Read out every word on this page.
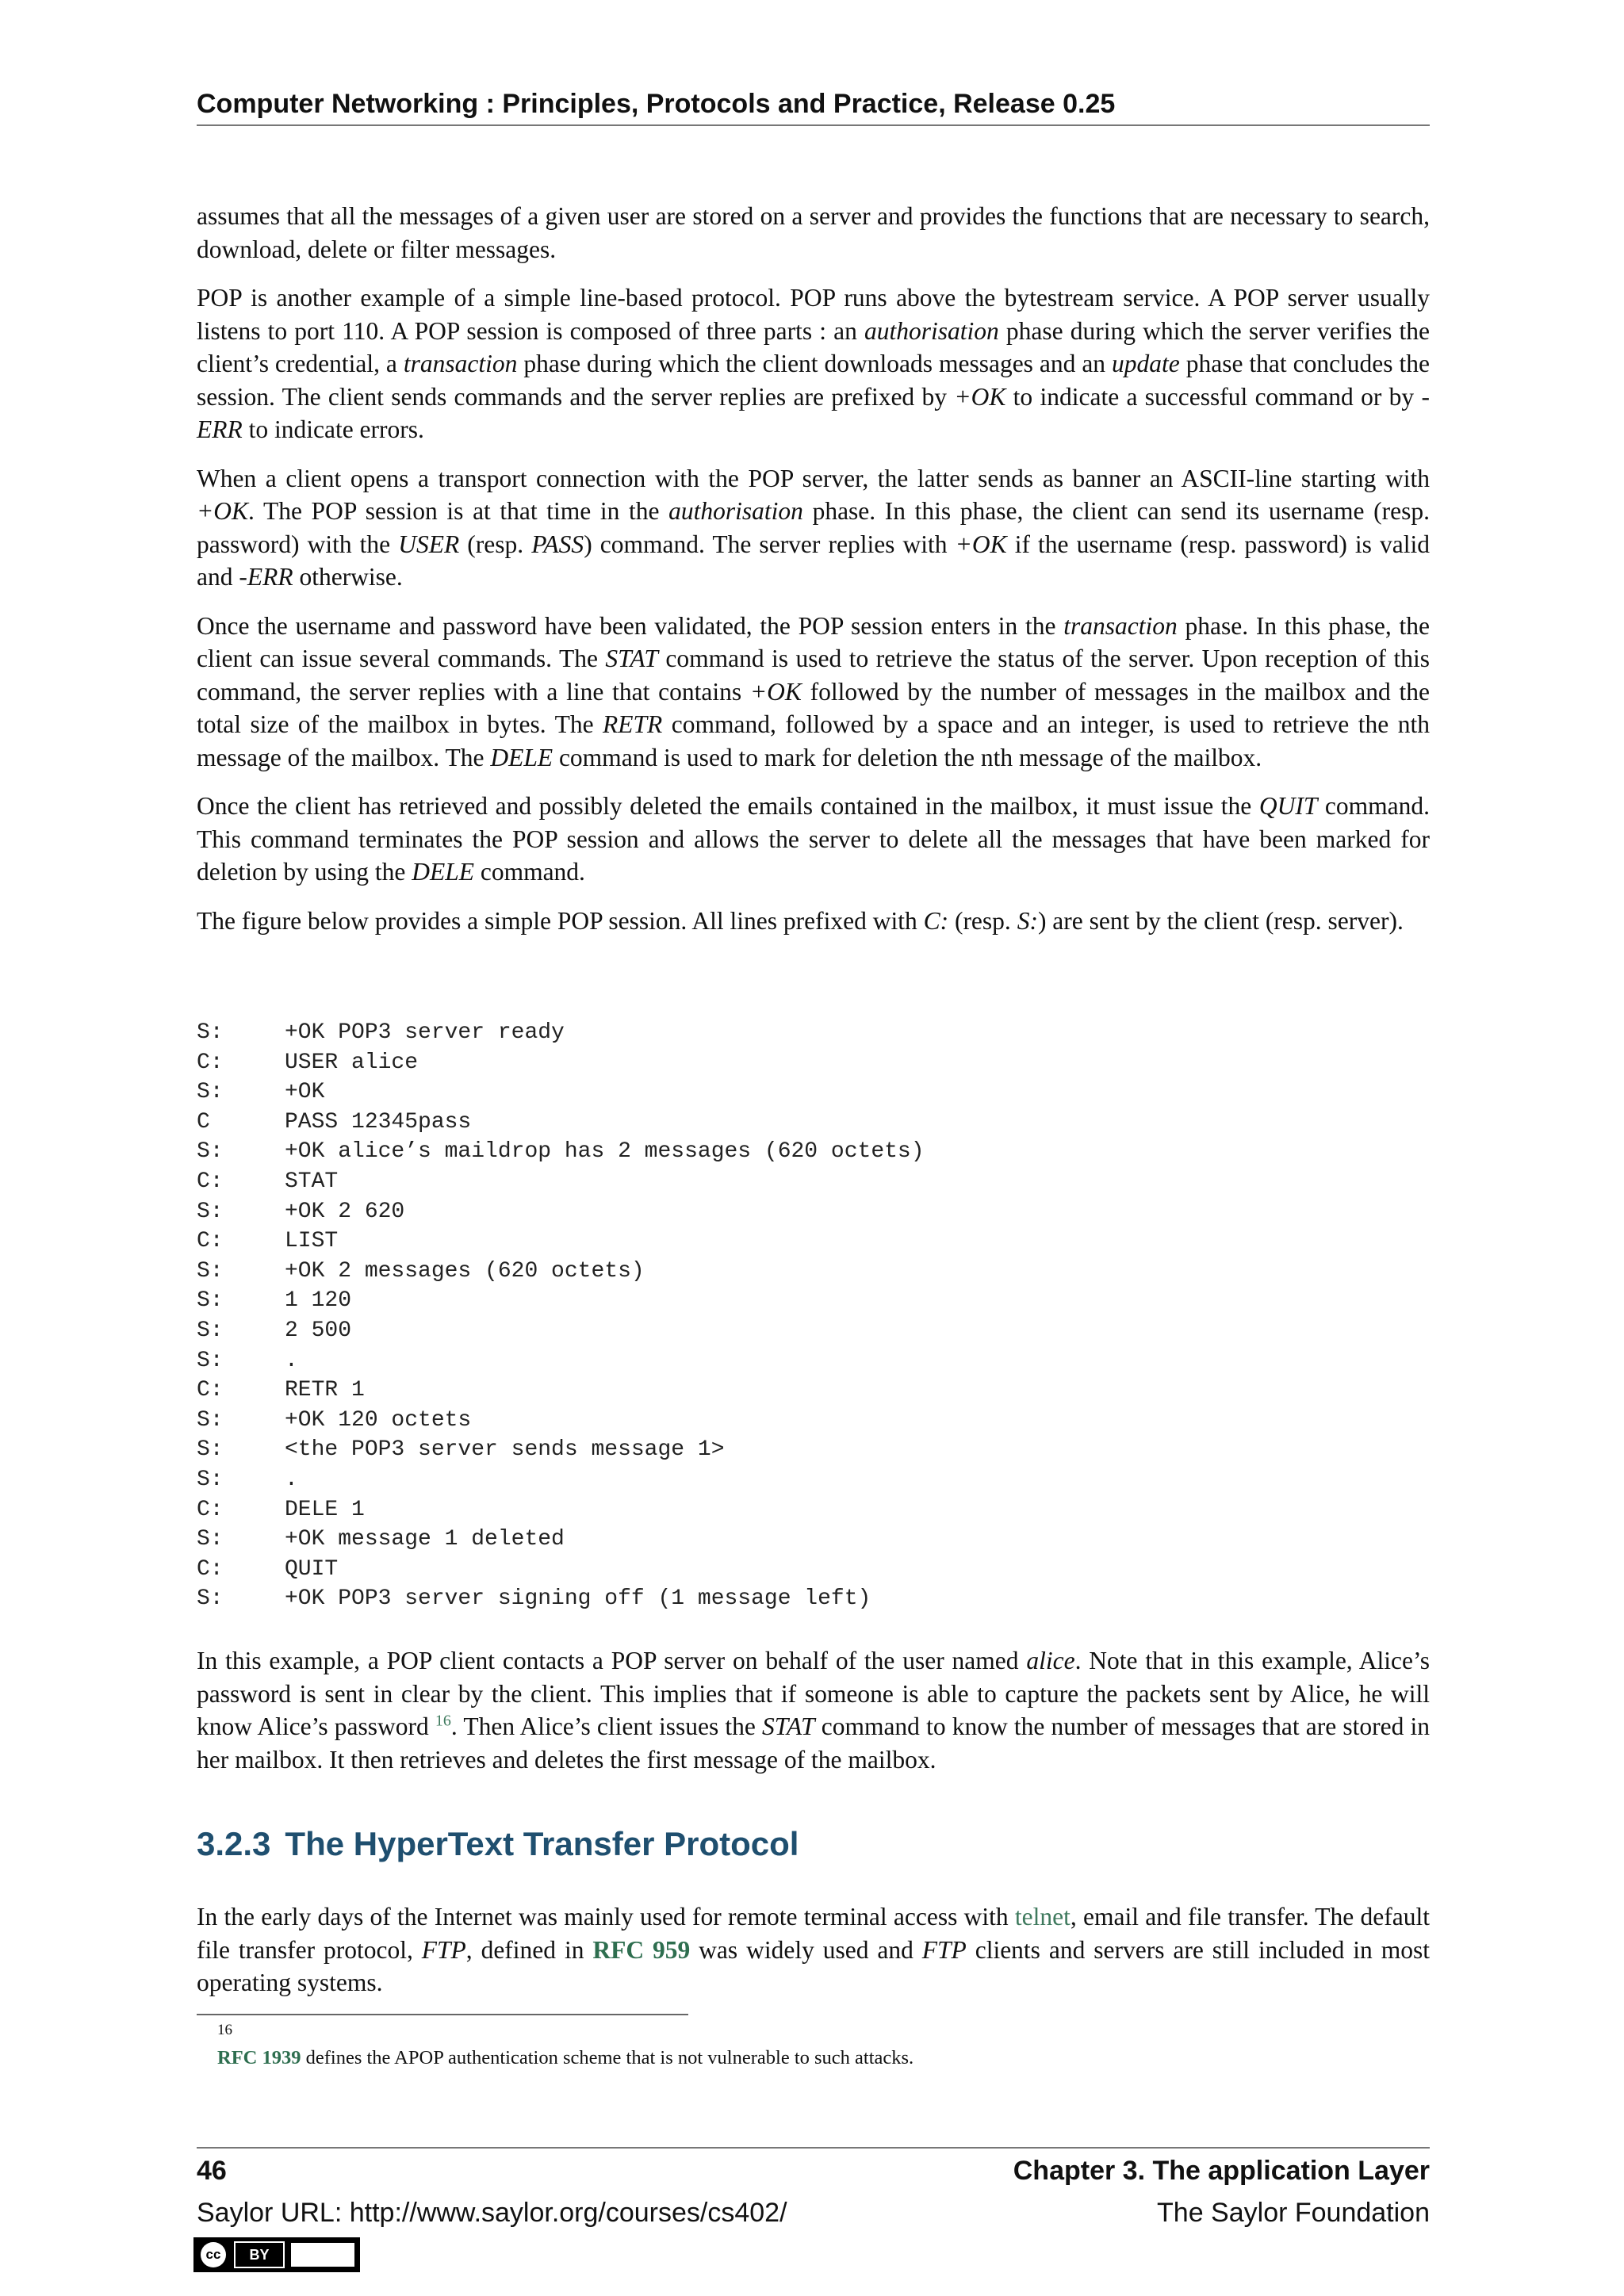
Computer Networking : Principles, Protocols and Practice, Release 0.25

assumes that all the messages of a given user are stored on a server and provides the functions that are necessary to search, download, delete or filter messages.

POP is another example of a simple line-based protocol. POP runs above the bytestream service. A POP server usually listens to port 110. A POP session is composed of three parts : an authorisation phase during which the server verifies the client’s credential, a transaction phase during which the client downloads messages and an update phase that concludes the session. The client sends commands and the server replies are prefixed by +OK to indicate a successful command or by -ERR to indicate errors.

When a client opens a transport connection with the POP server, the latter sends as banner an ASCII-line starting with +OK. The POP session is at that time in the authorisation phase. In this phase, the client can send its username (resp. password) with the USER (resp. PASS) command. The server replies with +OK if the username (resp. password) is valid and -ERR otherwise.

Once the username and password have been validated, the POP session enters in the transaction phase. In this phase, the client can issue several commands. The STAT command is used to retrieve the status of the server. Upon reception of this command, the server replies with a line that contains +OK followed by the number of messages in the mailbox and the total size of the mailbox in bytes. The RETR command, followed by a space and an integer, is used to retrieve the nth message of the mailbox. The DELE command is used to mark for deletion the nth message of the mailbox.

Once the client has retrieved and possibly deleted the emails contained in the mailbox, it must issue the QUIT command. This command terminates the POP session and allows the server to delete all the messages that have been marked for deletion by using the DELE command.

The figure below provides a simple POP session. All lines prefixed with C: (resp. S:) are sent by the client (resp. server).

S:	+OK POP3 server ready
C:	USER alice
S:	+OK
C	PASS 12345pass
S:	+OK alice’s maildrop has 2 messages (620 octets)
C:	STAT
S:	+OK 2 620
C:	LIST
S:	+OK 2 messages (620 octets)
S:	1 120
S:	2 500
S:	.
C:	RETR 1
S:	+OK 120 octets
S:	<the POP3 server sends message 1>
S:	.
C:	DELE 1
S:	+OK message 1 deleted
C:	QUIT
S:	+OK POP3 server signing off (1 message left)

In this example, a POP client contacts a POP server on behalf of the user named alice. Note that in this example, Alice’s password is sent in clear by the client. This implies that if someone is able to capture the packets sent by Alice, he will know Alice’s password $^{16}$. Then Alice’s client issues the STAT command to know the number of messages that are stored in her mailbox. It then retrieves and deletes the first message of the mailbox.

3.2.3 The HyperText Transfer Protocol

In the early days of the Internet was mainly used for remote terminal access with telnet, email and file transfer. The default file transfer protocol, FTP, defined in RFC 959 was widely used and FTP clients and servers are still included in most operating systems.

16
RFC 1939 defines the APOP authentication scheme that is not vulnerable to such attacks.
46	Chapter 3. The application Layer
Saylor URL: http://www.saylor.org/courses/cs402/	The Saylor Foundation
cc	BY
